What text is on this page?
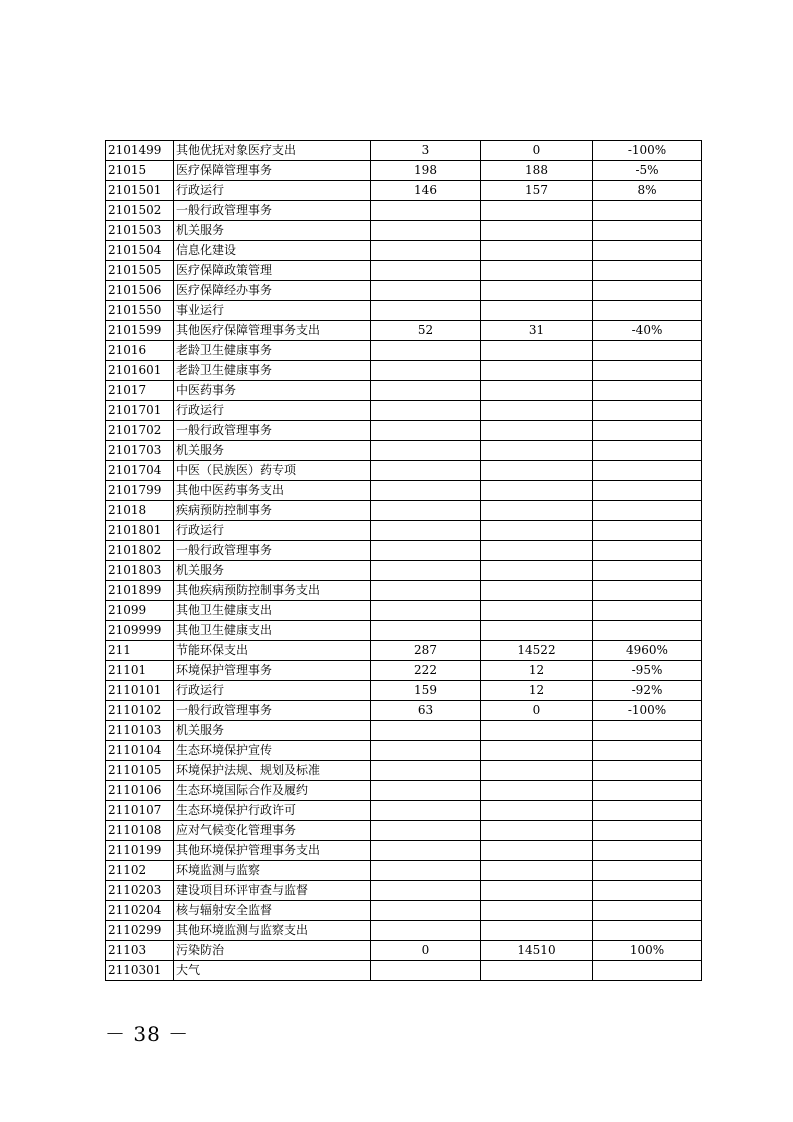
2101499	其他优抚对象医疗支出	3	0	-100%
21015	医疗保障管理事务	198	188	-5%
2101501	行政运行	146	157	8%
2101502	一般行政管理事务			
2101503	机关服务			
2101504	信息化建设			
2101505	医疗保障政策管理			
2101506	医疗保障经办事务			
2101550	事业运行			
2101599	其他医疗保障管理事务支出	52	31	-40%
21016	老龄卫生健康事务			
2101601	老龄卫生健康事务			
21017	中医药事务			
2101701	行政运行			
2101702	一般行政管理事务			
2101703	机关服务			
2101704	中医（民族医）药专项			
2101799	其他中医药事务支出			
21018	疾病预防控制事务			
2101801	行政运行			
2101802	一般行政管理事务			
2101803	机关服务			
2101899	其他疾病预防控制事务支出			
21099	其他卫生健康支出			
2109999	其他卫生健康支出			
211	节能环保支出	287	14522	4960%
21101	环境保护管理事务	222	12	-95%
2110101	行政运行	159	12	-92%
2110102	一般行政管理事务	63	0	-100%
2110103	机关服务			
2110104	生态环境保护宣传			
2110105	环境保护法规、规划及标准			
2110106	生态环境国际合作及履约			
2110107	生态环境保护行政许可			
2110108	应对气候变化管理事务			
2110199	其他环境保护管理事务支出			
21102	环境监测与监察			
2110203	建设项目环评审查与监督			
2110204	核与辐射安全监督			
2110299	其他环境监测与监察支出			
21103	污染防治	0	14510	100%
2110301	大气			
－ 38 －
